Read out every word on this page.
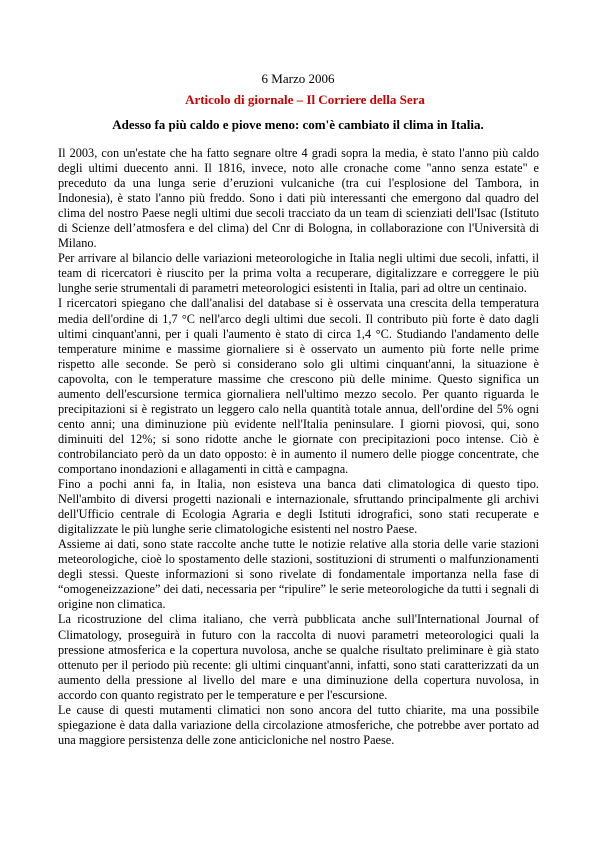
6 Marzo 2006
Articolo di giornale – Il Corriere della Sera
Adesso fa più caldo e piove meno: com'è cambiato il clima in Italia.

Il 2003, con un'estate che ha fatto segnare oltre 4 gradi sopra la media, è stato l'anno più caldo degli ultimi duecento anni. Il 1816, invece, noto alle cronache come "anno senza estate" e preceduto da una lunga serie d’eruzioni vulcaniche (tra cui l'esplosione del Tambora, in Indonesia), è stato l'anno più freddo. Sono i dati più interessanti che emergono dal quadro del clima del nostro Paese negli ultimi due secoli tracciato da un team di scienziati dell'Isac (Istituto di Scienze dell’atmosfera e del clima) del Cnr di Bologna, in collaborazione con l'Università di Milano.

Per arrivare al bilancio delle variazioni meteorologiche in Italia negli ultimi due secoli, infatti, il team di ricercatori è riuscito per la prima volta a recuperare, digitalizzare e correggere le più lunghe serie strumentali di parametri meteorologici esistenti in Italia, pari ad oltre un centinaio.

I ricercatori spiegano che dall'analisi del database si è osservata una crescita della temperatura media dell'ordine di 1,7 °C nell'arco degli ultimi due secoli. Il contributo più forte è dato dagli ultimi cinquant'anni, per i quali l'aumento è stato di circa 1,4 °C. Studiando l'andamento delle temperature minime e massime giornaliere si è osservato un aumento più forte nelle prime rispetto alle seconde. Se però si considerano solo gli ultimi cinquant'anni, la situazione è capovolta, con le temperature massime che crescono più delle minime. Questo significa un aumento dell'escursione termica giornaliera nell'ultimo mezzo secolo. Per quanto riguarda le precipitazioni si è registrato un leggero calo nella quantità totale annua, dell'ordine del 5% ogni cento anni; una diminuzione più evidente nell'Italia peninsulare. I giorni piovosi, qui, sono diminuiti del 12%; si sono ridotte anche le giornate con precipitazioni poco intense. Ciò è controbilanciato però da un dato opposto: è in aumento il numero delle piogge concentrate, che comportano inondazioni e allagamenti in città e campagna.

Fino a pochi anni fa, in Italia, non esisteva una banca dati climatologica di questo tipo. Nell'ambito di diversi progetti nazionali e internazionale, sfruttando principalmente gli archivi dell'Ufficio centrale di Ecologia Agraria e degli Istituti idrografici, sono stati recuperate e digitalizzate le più lunghe serie climatologiche esistenti nel nostro Paese.

Assieme ai dati, sono state raccolte anche tutte le notizie relative alla storia delle varie stazioni meteorologiche, cioè lo spostamento delle stazioni, sostituzioni di strumenti o malfunzionamenti degli stessi. Queste informazioni si sono rivelate di fondamentale importanza nella fase di “omogeneizzazione” dei dati, necessaria per “ripulire” le serie meteorologiche da tutti i segnali di origine non climatica.

La ricostruzione del clima italiano, che verrà pubblicata anche sull'International Journal of Climatology, proseguirà in futuro con la raccolta di nuovi parametri meteorologici quali la pressione atmosferica e la copertura nuvolosa, anche se qualche risultato preliminare è già stato ottenuto per il periodo più recente: gli ultimi cinquant'anni, infatti, sono stati caratterizzati da un aumento della pressione al livello del mare e una diminuzione della copertura nuvolosa, in accordo con quanto registrato per le temperature e per l'escursione.

Le cause di questi mutamenti climatici non sono ancora del tutto chiarite, ma una possibile spiegazione è data dalla variazione della circolazione atmosferiche, che potrebbe aver portato ad una maggiore persistenza delle zone anticicloniche nel nostro Paese.
